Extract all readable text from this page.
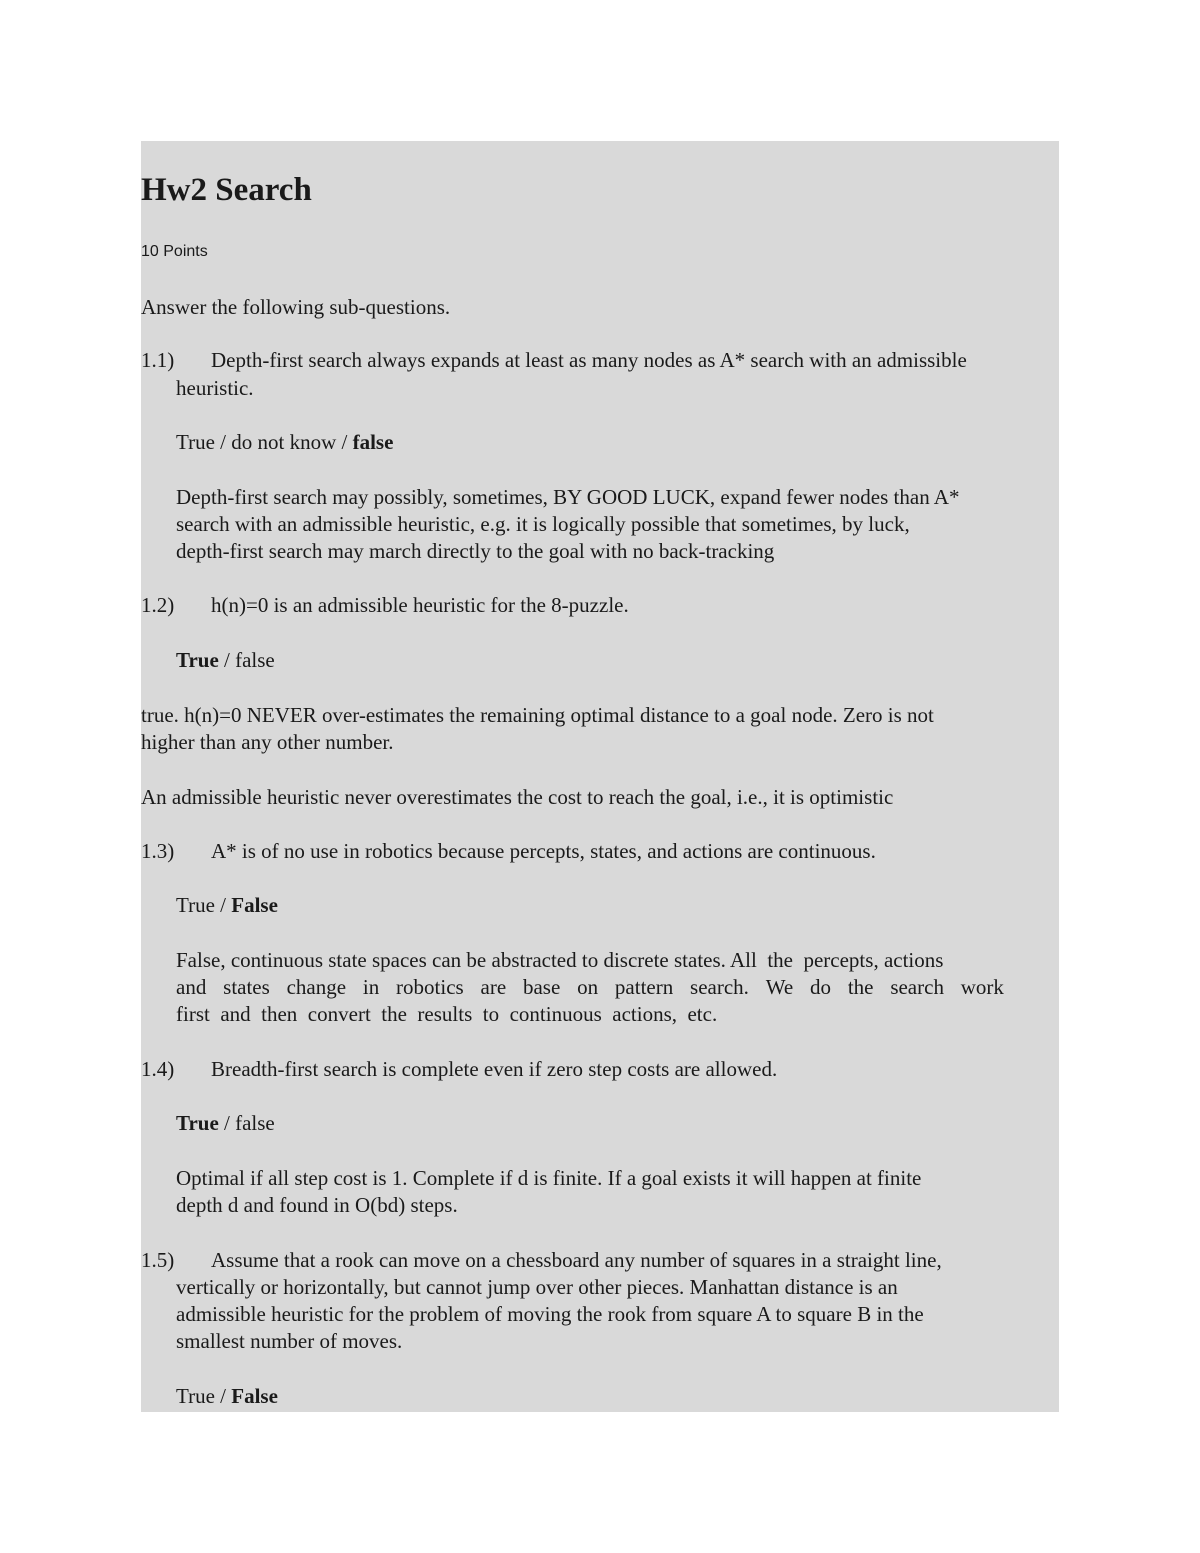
Hw2 Search
10 Points
Answer the following sub-questions.
1.1) Depth-first search always expands at least as many nodes as A* search with an admissible
heuristic.
True / do not know / false
Depth-first search may possibly, sometimes, BY GOOD LUCK, expand fewer nodes than A*
search with an admissible heuristic, e.g. it is logically possible that sometimes, by luck,
depth-first search may march directly to the goal with no back-tracking
1.2) h(n)=0 is an admissible heuristic for the 8-puzzle.
True / false
true. h(n)=0 NEVER over-estimates the remaining optimal distance to a goal node. Zero is not
higher than any other number.
An admissible heuristic never overestimates the cost to reach the goal, i.e., it is optimistic
1.3) A* is of no use in robotics because percepts, states, and actions are continuous.
True / False
False, continuous state spaces can be abstracted to discrete states. All  the  percepts, actions
and states change in robotics are base on pattern search. We do the search work
first  and  then  convert  the  results  to  continuous  actions,  etc.
1.4) Breadth-first search is complete even if zero step costs are allowed.
True / false
Optimal if all step cost is 1. Complete if d is finite. If a goal exists it will happen at finite
depth d and found in O(bd) steps.
1.5) Assume that a rook can move on a chessboard any number of squares in a straight line,
vertically or horizontally, but cannot jump over other pieces. Manhattan distance is an
admissible heuristic for the problem of moving the rook from square A to square B in the
smallest number of moves.
True / False
